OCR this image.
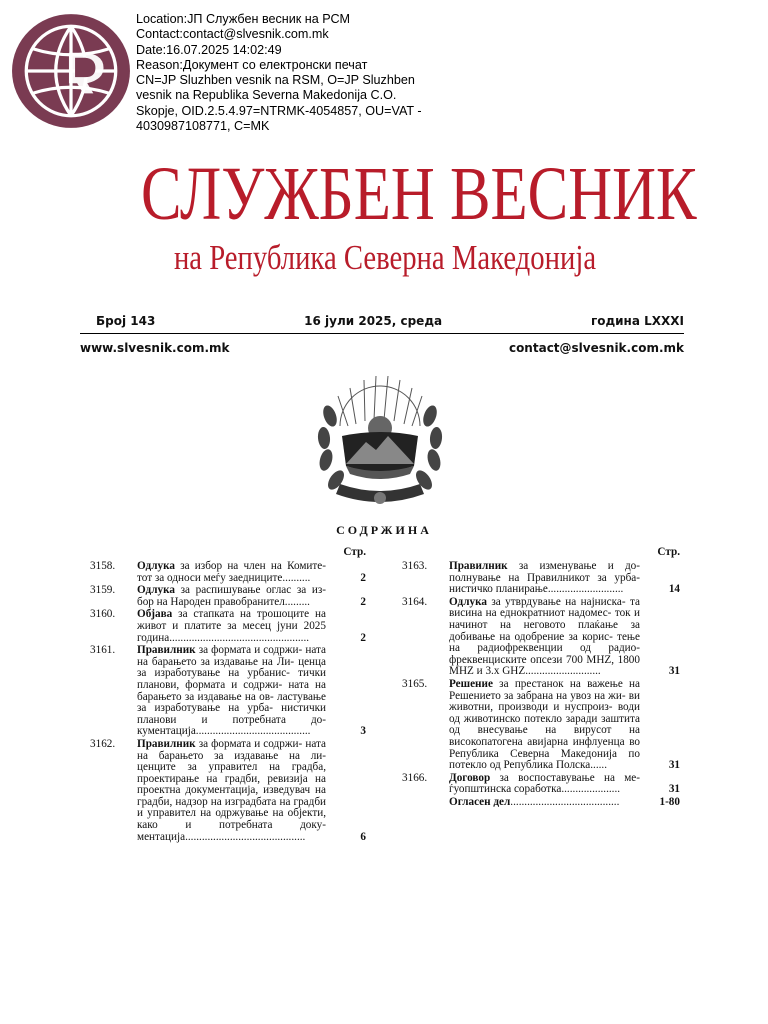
Location:ЈП Службен весник на РСМ
Contact:contact@slvesnik.com.mk
Date:16.07.2025 14:02:49
Reason:Документ со електронски печат
CN=JP Sluzhben vesnik na RSM, O=JP Sluzhben
vesnik na Republika Severna Makedonija C.O.
Skopje, OID.2.5.4.97=NTRMK-4054857, OU=VAT -
4030987108771, C=MK
СЛУЖБЕН ВЕСНИК
на Република Северна Македонија
Број 143	16 јули 2025, среда	година LXXXI
www.slvesnik.com.mk	contact@slvesnik.com.mk
СОДРЖИНА
Стр.
3158.	Одлука за избор на член на Комите- тот за односи меѓу заедниците..........	2
3159.	Одлука за распишување оглас за из- бор на Народен правобранител.........	2
3160.	Објава за стапката на трошоците на живот и платите за месец јуни 2025 година..................................................	2
3161.	Правилник за формата и содржи- ната на барањето за издавање на Ли- ценца за изработување на урбанис- тички планови, формата и содржи- ната на барањето за издавање на ов- ластување за изработување на урба- нистички планови и потребната до- кументација.........................................	3
3162.	Правилник за формата и содржи- ната на барањето за издавање на ли- ценците за управител на градба, проектирање на градби, ревизија на проектна документација, изведувач на градби, надзор на изградбата на градби и управител на одржување на објекти, како и потребната доку- ментација...........................................	6
Стр.
3163.	Правилник за изменување и до- полнување на Правилникот за урба- нистичко планирање...........................	14
3164.	Одлука за утврдување на најниска- та висина на еднократниот надомес- ток и начинот на неговото плаќање за добивање на одобрение за корис- тење на радиофреквенции од радио- фреквенциските опсези 700 MHZ, 1800 MHZ и 3.x GHZ...........................	31
3165.	Решение за престанок на важење на Решението за забрана на увоз на жи- ви животни, производи и нуспроиз- води од животинско потекло заради заштита од внесување на вирусот на високопатогена авијарна инфлуенца во Република Северна Македонија по потекло од Република Полска......	31
3166.	Договор за воспоставување на ме- ѓуопштинска соработка.....................	31
Огласен дел.......................................	1-80
